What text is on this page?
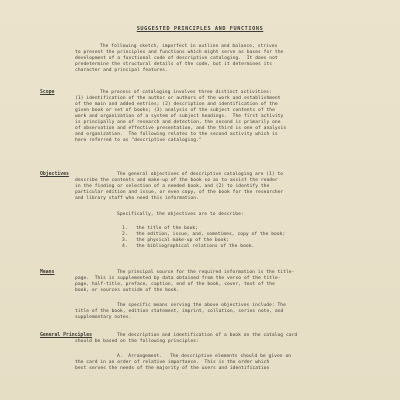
SUGGESTED PRINCIPLES AND FUNCTIONS
The following sketch, imperfect in outline and balance, strives
to present the principles and functions which might serve as bases for the
development of a functional code of descriptive cataloging.  It does not
predetermine the structural details of the code, but it determines its
character and principal features.
Scope	The process of cataloging involves three distinct activities:
(1) identification of the author or authors of the work and establishment
of the main and added entries; (2) description and identification of the
given book or set of books; (3) analysis of the subject contents of the
work and organization of a system of subject headings.  The first activity
is principally one of research and detection, the second is primarily one
of observation and effective presentation, and the third is one of analysis
and organization.  The following relates to the second activity which is
here referred to as "descriptive cataloging."
Objectives	The general objectives of descriptive cataloging are (1) to
describe the contents and make-up of the book so as to assist the reader
in the finding or selection of a needed book, and (2) to identify the
particular edition and issue, or even copy, of the book for the researcher
and library staff who need this information.
Specifically, the objectives are to describe:
1.   the title of the book;
2.   the edition, issue, and, sometimes, copy of the book;
3.   the physical make-up of the book;
4.   the bibliographical relations of the book.
Means	The principal source for the required information is the title-
page.  This is supplemented by data obtained from the verso of the title-
page, half-title, preface, caption, end of the book, cover, text of the
book, or sources outside of the book.
The specific means serving the above objectives include: The
title of the book, edition statement, imprint, collation, series note, and
supplementary notes.
General Principles	The description and identification of a book on the catalog card
should be based on the following principles:
A.  Arrangement. The descriptive elements should be given on
the card in an order of relative importance.  This is the order which
best serves the needs of the majority of the users and identification
